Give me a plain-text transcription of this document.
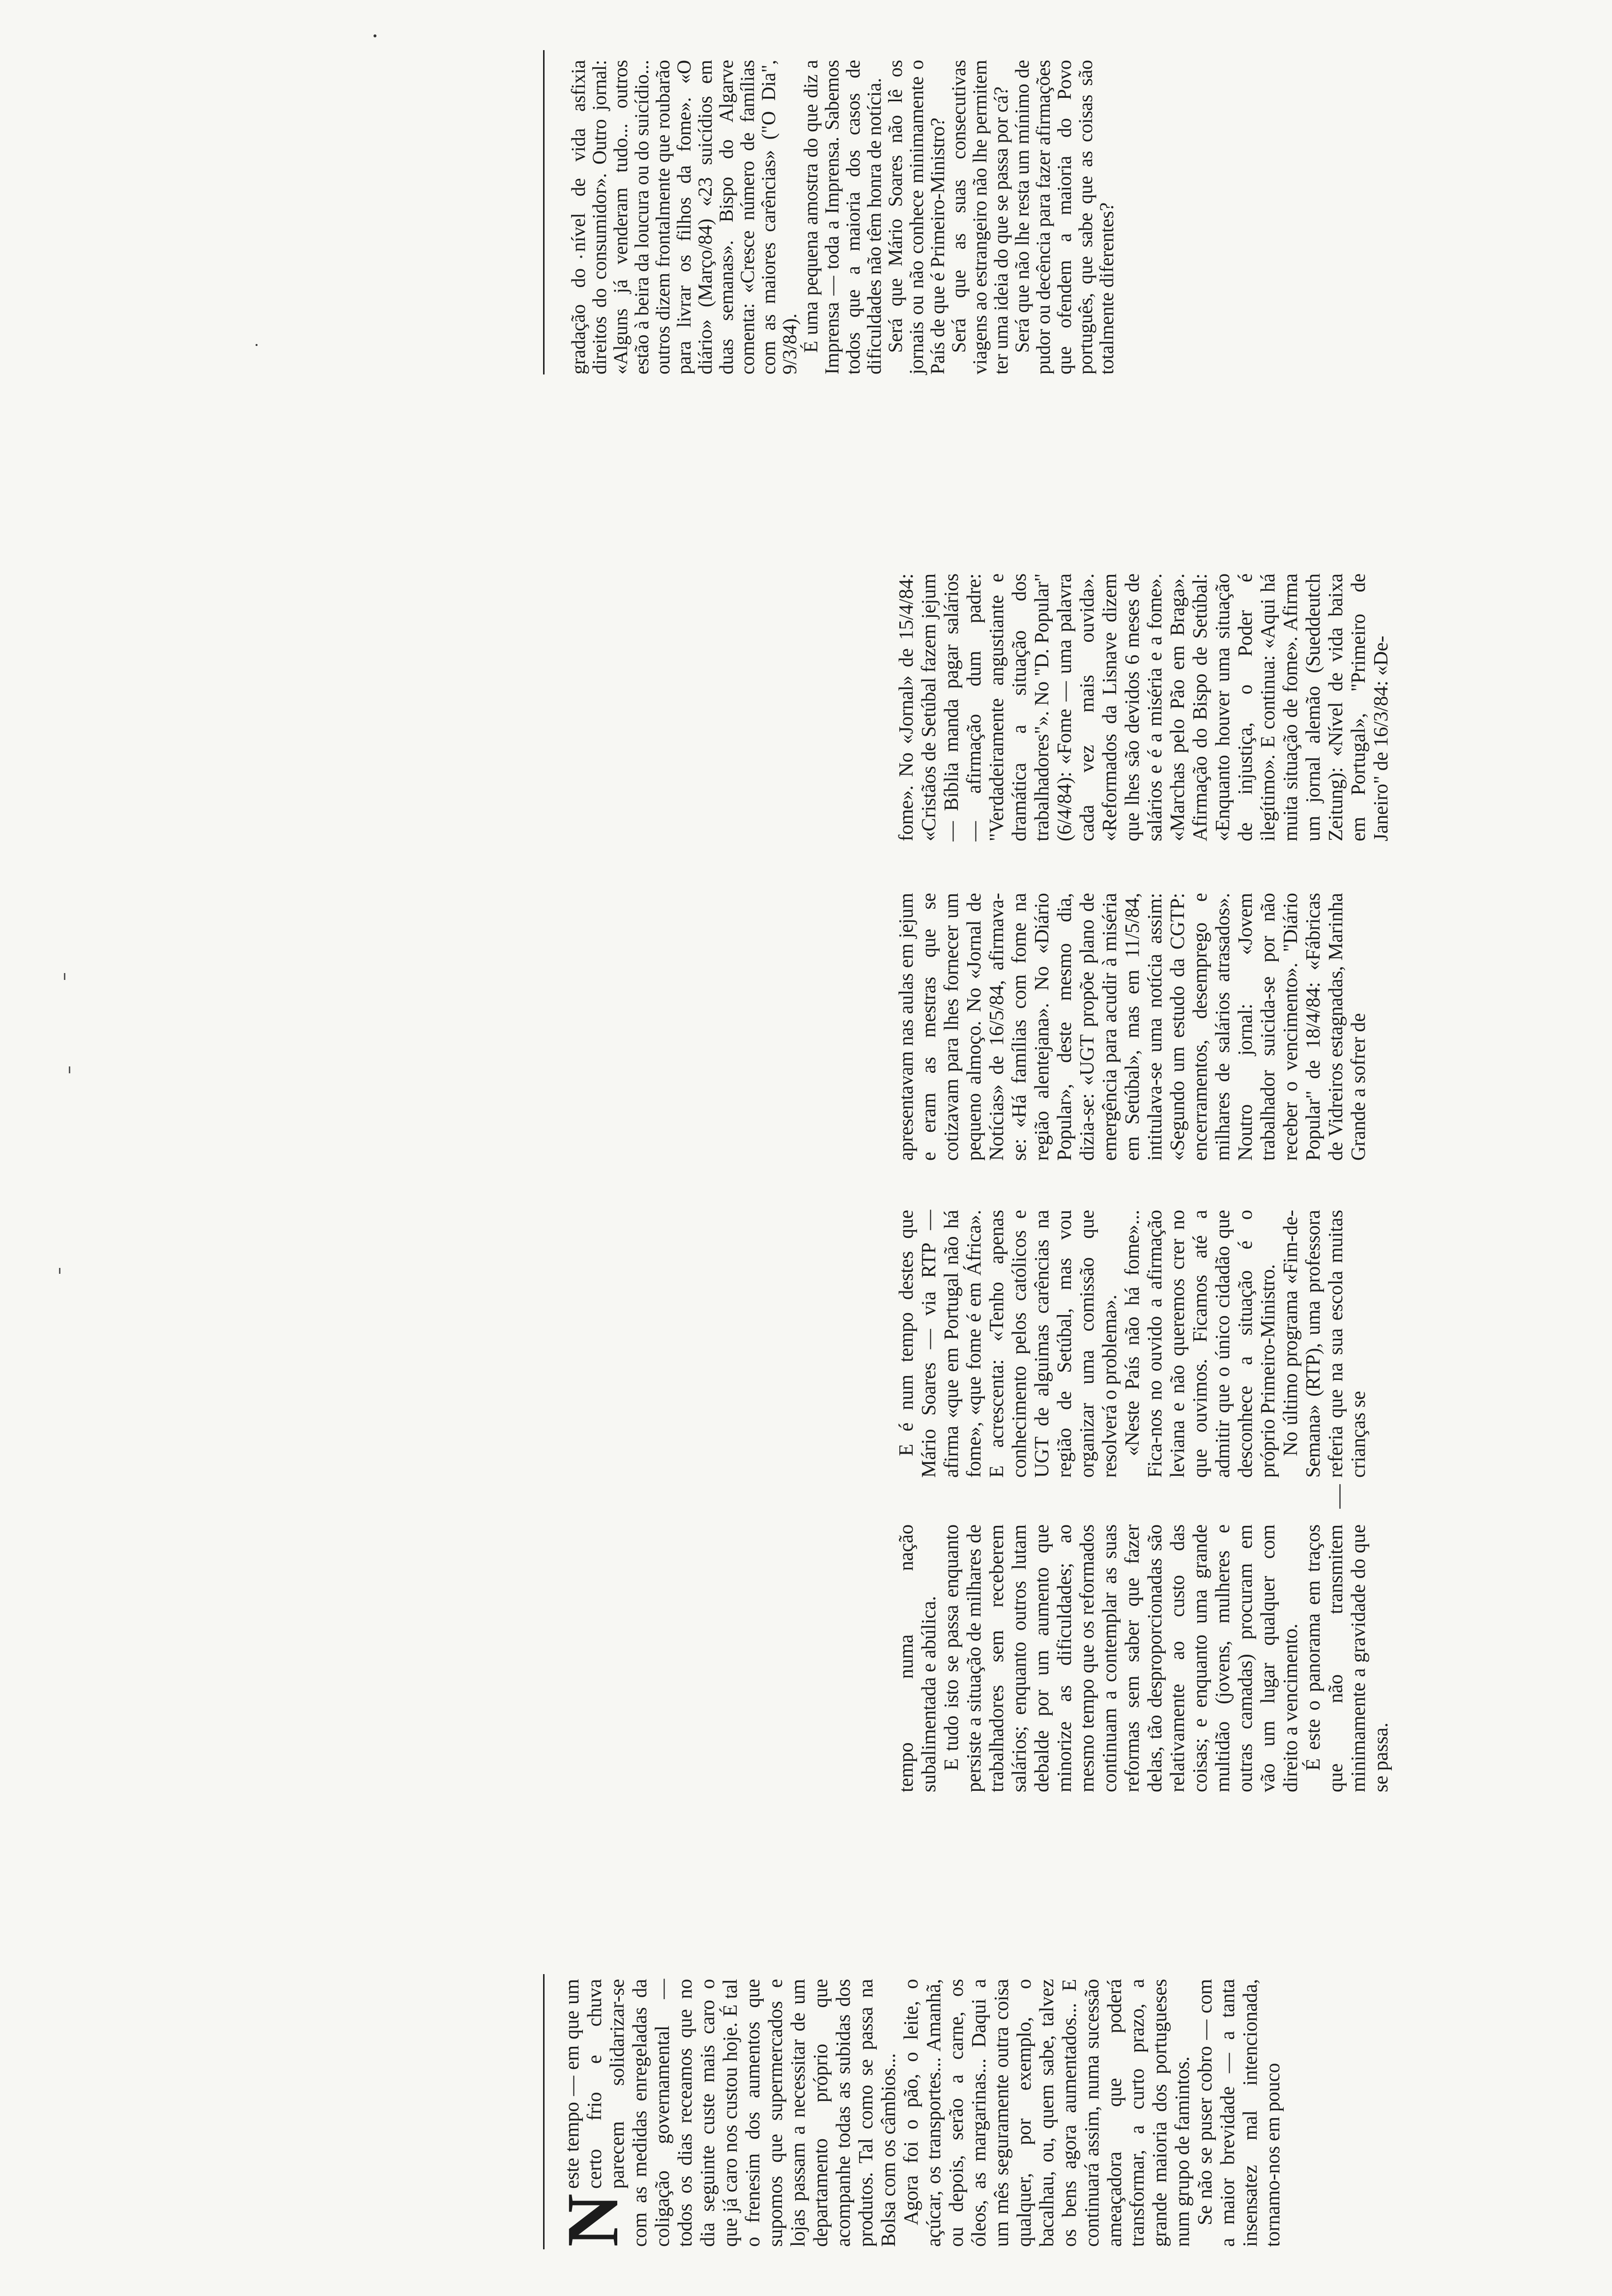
N
este tempo — em que um certo frio e chuva parecem solidarizar-se com as medidas enregeladas da coligação governamental — todos os dias receamos que no dia seguinte custe mais caro o que já caro nos custou hoje. É tal o frenesim dos aumentos que supomos que supermercados e lojas passam a necessitar de um departamento próprio que acompanhe todas as subidas dos produtos. Tal como se passa na Bolsa com os câmbios... Agora foi o pão, o leite, o açúcar, os transportes... Amanhã, ou depois, serão a carne, os óleos, as margarinas... Daqui a um mês seguramente outra coisa qualquer, por exemplo, o bacalhau, ou, quem sabe, talvez os bens agora aumentados... E continuará assim, numa sucessão ameaçadora que poderá transformar, a curto prazo, a grande maioria dos portugueses num grupo de famintos. Se não se puser cobro — com a maior brevidade — a tanta insensatez mal intencionada, tornamo-nos em pouco

tempo numa nação subalimentada e abúlica. E tudo isto se passa enquanto persiste a situação de milhares de trabalhadores sem receberem salários; enquanto outros lutam debalde por um aumento que minorize as dificuldades; ao mesmo tempo que os reformados continuam a contemplar as suas reformas sem saber que fazer delas, tão desproporcionadas são relativamente ao custo das coisas; e enquanto uma grande multidão (jovens, mulheres e outras camadas) procuram em vão um lugar qualquer com direito a vencimento. É este o panorama em traços que não transmitem minimamente a gravidade do que se passa.

E é num tempo destes que Mário Soares — via RTP — afirma «que em Portugal não há fome», «que fome é em África». E acrescenta: «Tenho apenas conhecimento pelos católicos e UGT de alguimas carências na região de Setúbal, mas vou organizar uma comissão que resolverá o problema». «Neste País não há fome»... Fica-nos no ouvido a afirmação leviana e não queremos crer no que ouvimos. Ficamos até a admitir que o único cidadão que desconhece a situação é o próprio Primeiro-Ministro. No último programa «Fim-de-Semana» (RTP), uma professora referia que na sua escola muitas crianças se

apresentavam nas aulas em jejum e eram as mestras que se cotizavam para lhes fornecer um pequeno almoço. No «Jornal de Notícias» de 16/5/84, afirmava-se: «Há famílias com fome na região alentejana». No «Diário Popular», deste mesmo dia, dizia-se: «UGT propõe plano de emergência para acudir à miséria em Setúbal», mas em 11/5/84, intitulava-se uma notícia assim: «Segundo um estudo da CGTP: encerramentos, desemprego e milhares de salários atrasados». Noutro jornal: «Jovem trabalhador suicida-se por não receber o vencimento». "Diário Popular" de 18/4/84: «Fábricas de Vidreiros estagnadas, Marinha Grande a sofrer de

fome». No «Jornal» de 15/4/84: «Cristãos de Setúbal fazem jejum — Bíblia manda pagar salários — afirmação dum padre: "Verdadeiramente angustiante e dramática a situação dos trabalhadores"». No "D. Popular" (6/4/84): «Fome — uma palavra cada vez mais ouvida». «Reformados da Lisnave dizem que lhes são devidos 6 meses de salários e é a miséria e a fome». «Marchas pelo Pão em Braga». Afirmação do Bispo de Setúbal: «Enquanto houver uma situação de injustiça, o Poder é ilegítimo». E continua: «Aqui há muita situação de fome». Afirma um jornal alemão (Sueddeutch Zeitung): «Nível de vida baixa em Portugal», "Primeiro de Janeiro" de 16/3/84: «De-

gradação do nível de vida asfixia direitos do consumidor». Outro jornal: «Alguns já venderam tudo... outros estão à beira da loucura ou do suicídio... outros dizem frontalmente que roubarão para livrar os filhos da fome». «O diário» (Março/84) «23 suicídios em duas semanas». Bispo do Algarve comenta: «Cresce número de famílias com as maiores carências» ("O Dia", 9/3/84).

É uma pequena amostra do que diz a Imprensa — toda a Imprensa. Sabemos todos que a maioria dos casos de dificuldades não têm honra de notícia.

Será que Mário Soares não lê os jornais ou não conhece minimamente o País de que é Primeiro-Ministro?

Será que as suas consecutivas viagens ao estrangeiro não lhe permitem ter uma ideia do que se passa por cá?

Será que não lhe resta um mínimo de pudor ou decência para fazer afirmações que ofendem a maioria do Povo português, que sabe que as coisas são totalmente diferentes?
